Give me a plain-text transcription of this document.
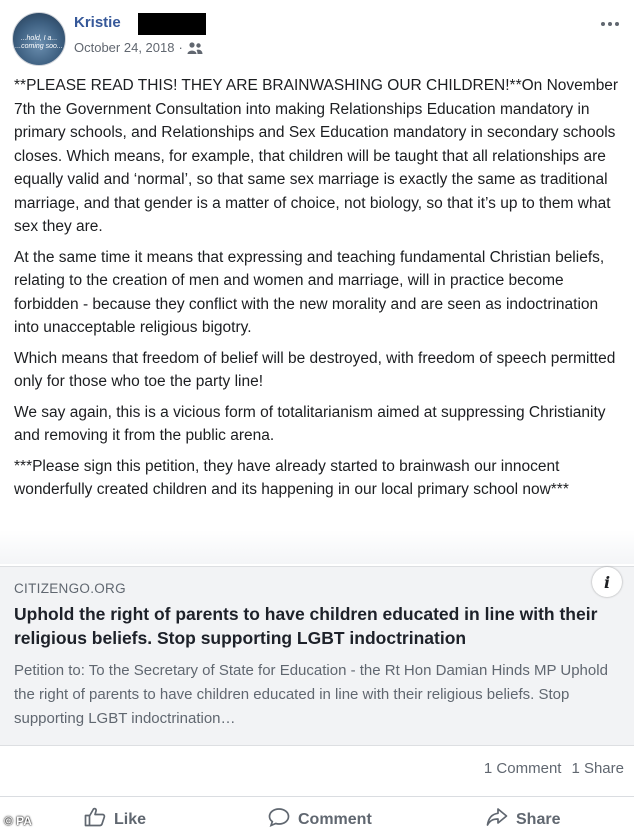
...hold, I a... ...coming soo...
Kristie
October 24, 2018 ·

**PLEASE READ THIS! THEY ARE BRAINWASHING OUR CHILDREN!**On November 7th the Government Consultation into making Relationships Education mandatory in primary schools, and Relationships and Sex Education mandatory in secondary schools closes. Which means, for example, that children will be taught that all relationships are equally valid and ‘normal’, so that same sex marriage is exactly the same as traditional marriage, and that gender is a matter of choice, not biology, so that it’s up to them what sex they are.

At the same time it means that expressing and teaching fundamental Christian beliefs, relating to the creation of men and women and marriage, will in practice become forbidden - because they conflict with the new morality and are seen as indoctrination into unacceptable religious bigotry.

Which means that freedom of belief will be destroyed, with freedom of speech permitted only for those who toe the party line!

We say again, this is a vicious form of totalitarianism aimed at suppressing Christianity and removing it from the public arena.

***Please sign this petition, they have already started to brainwash our innocent wonderfully created children and its happening in our local primary school now***

CITIZENGO.ORG
Uphold the right of parents to have children educated in line with their religious beliefs. Stop supporting LGBT indoctrination
Petition to: To the Secretary of State for Education - the Rt Hon Damian Hinds MP Uphold the right of parents to have children educated in line with their religious beliefs. Stop supporting LGBT indoctrination…
i
1 Comment 1 Share
Like	Comment	Share
© PA
